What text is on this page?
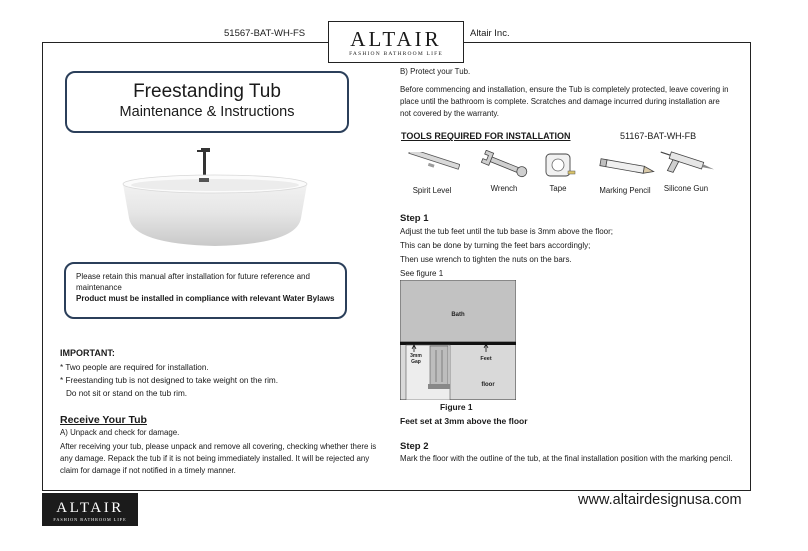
51567-BAT-WH-FS	ALTAIR
FASHION BATHROOM LIFE
Altair Inc.
Freestanding Tub
Maintenance & Instructions
Please retain this manual after installation for future reference and maintenance
Product must be installed in compliance with relevant Water Bylaws
IMPORTANT:
* Two people are required for installation.
* Freestanding tub is not designed to take weight on the rim.
Do not sit or stand on the tub rim.
Receive Your Tub
A) Unpack and check for damage.
After receiving your tub, please unpack and remove all covering, checking whether there is any damage. Repack the tub if it is not being immediately installed. It will be rejected any claim for damage if not notified in a timely manner.
B) Protect your Tub.
Before commencing and installation, ensure the Tub is completely protected, leave covering in place until the bathroom is complete. Scratches and damage incurred during installation are not covered by the warranty.
TOOLS REQUIRED FOR INSTALLATION	51167-BAT-WH-FB
Spirit Level	Wrench	Tape	Marking Pencil	Silicone Gun
Step 1
Adjust the tub feet until the tub base is 3mm above the floor;
This can be done by turning the feet bars accordingly;
Then use wrench to tighten the nuts on the bars.
See figure 1
Bath
3mm
Gap	Feet
floor
Figure 1
Feet set at 3mm above the floor
Step 2
Mark the floor with the outline of the tub, at the final installation position with the marking pencil.
ALTAIR
FASHION BATHROOM LIFE
www.altairdesignusa.com
